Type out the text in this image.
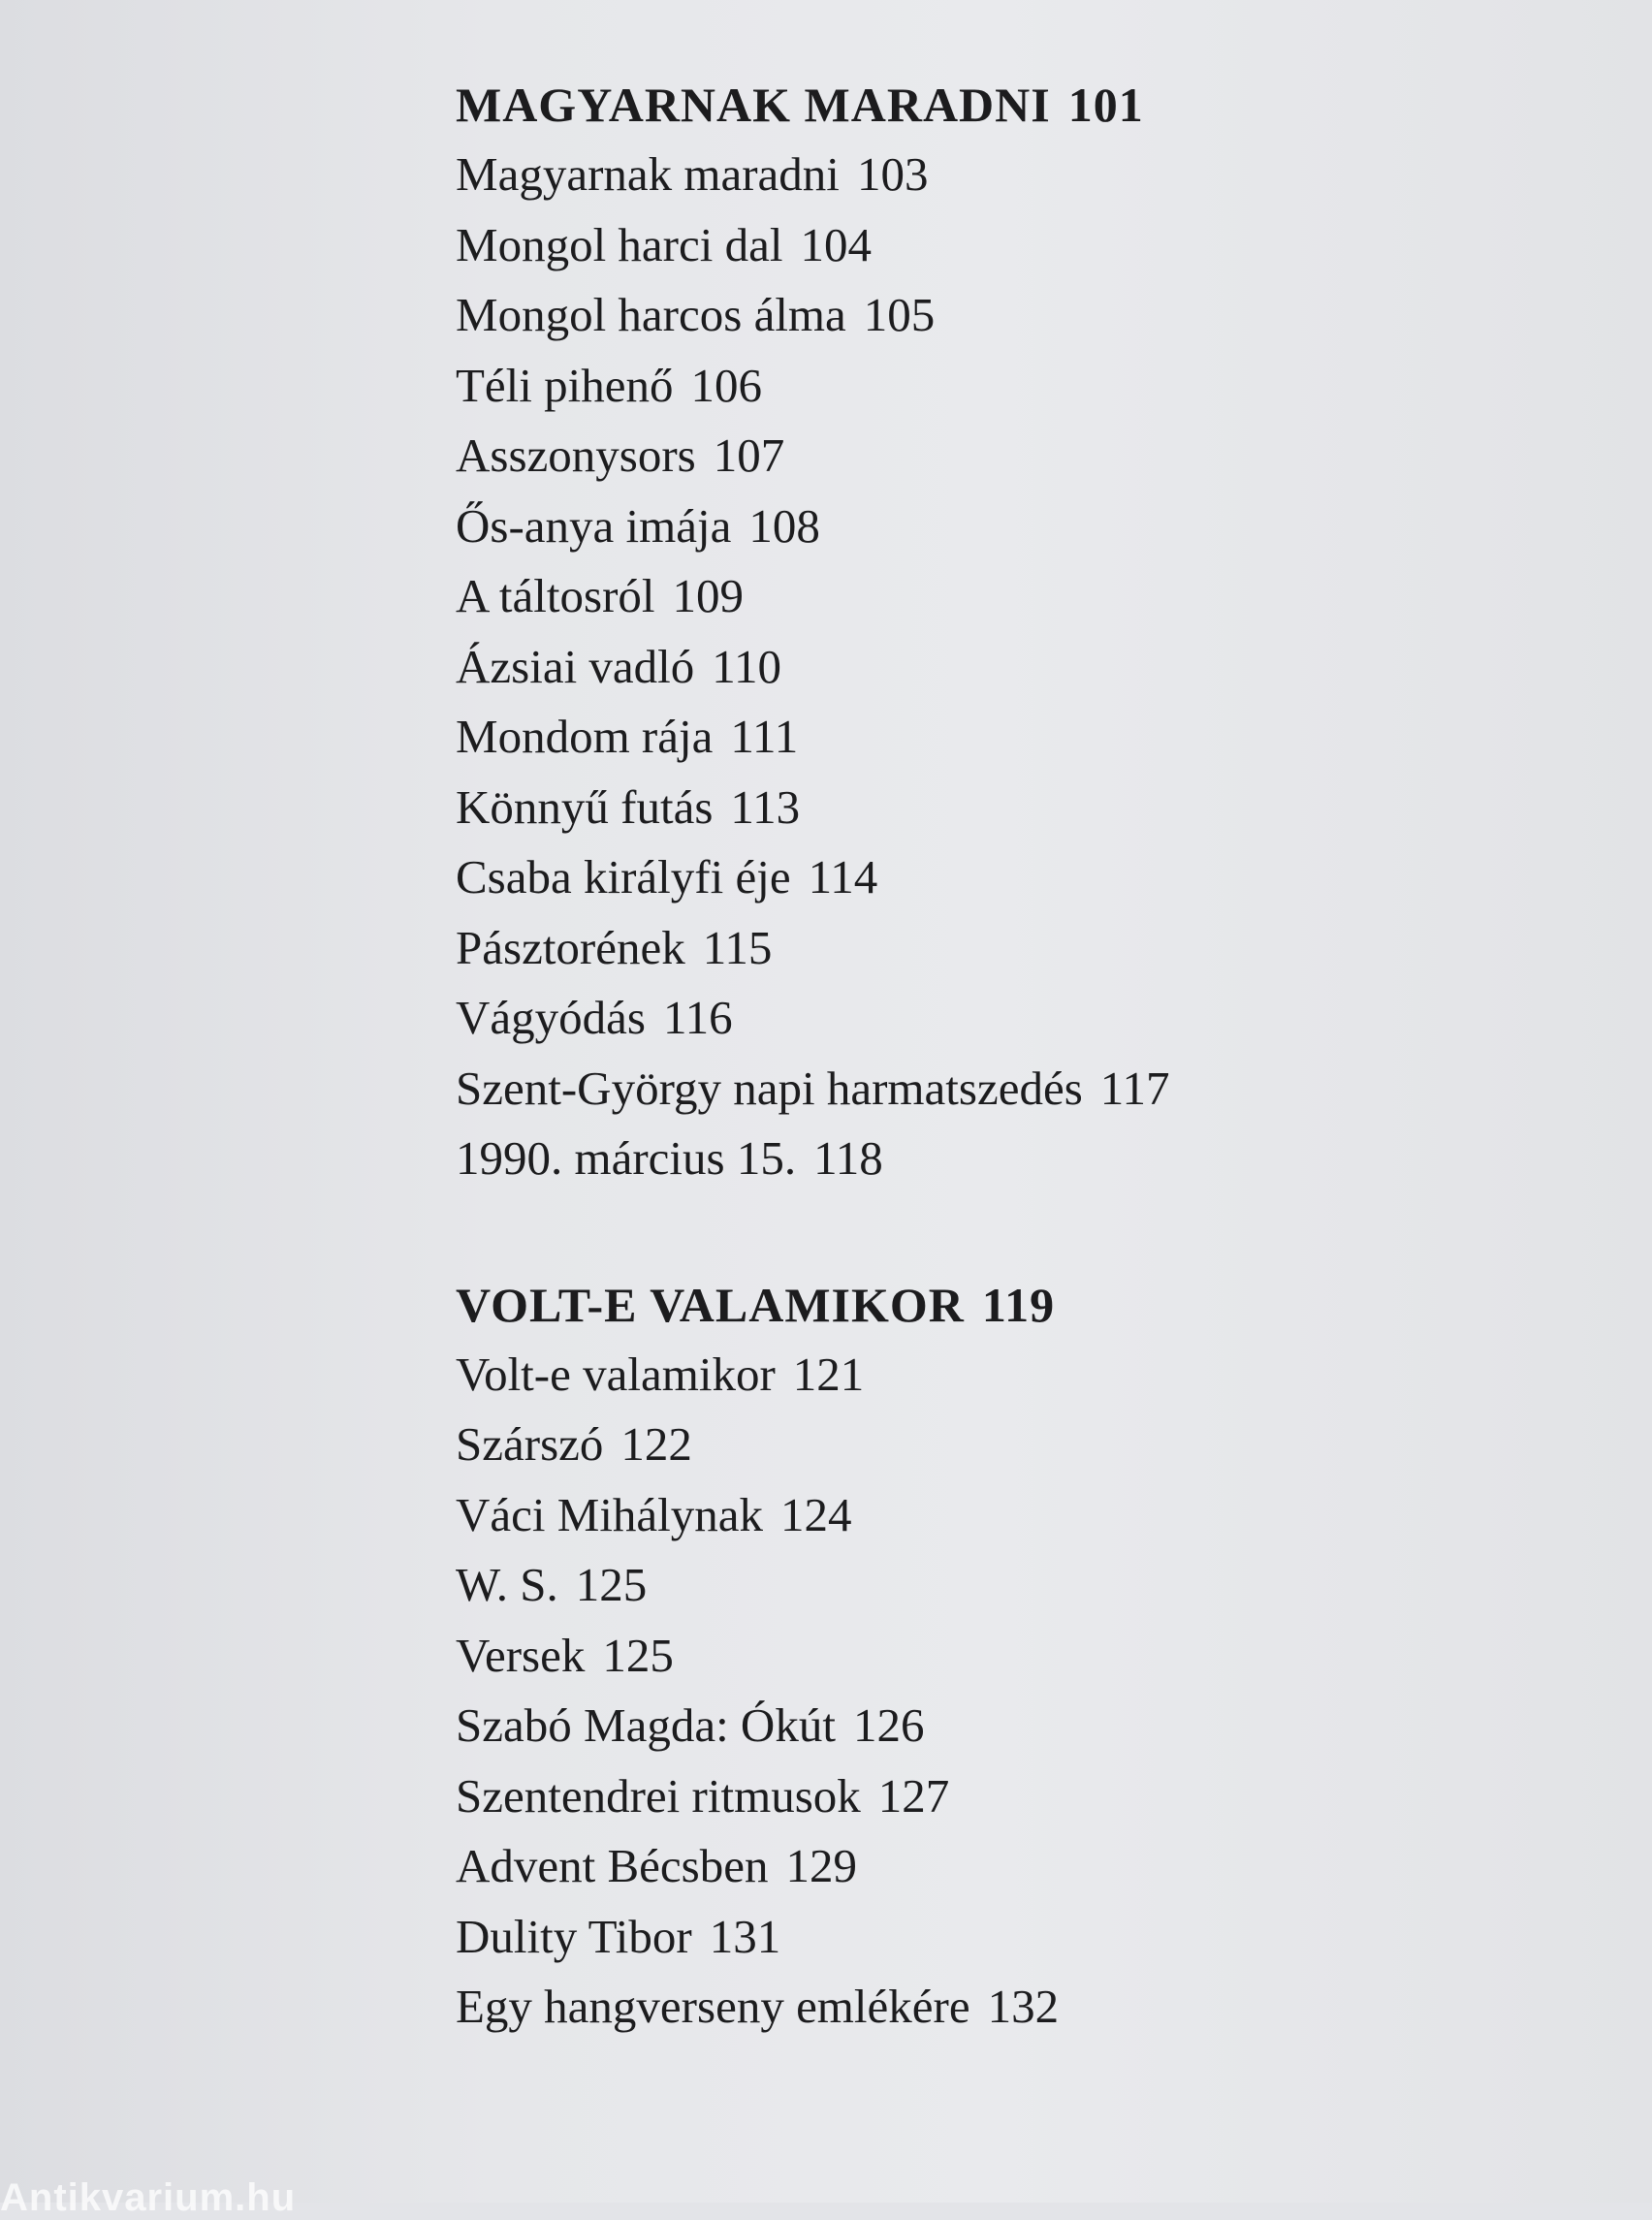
MAGYARNAK MARADNI 101
Magyarnak maradni 103
Mongol harci dal 104
Mongol harcos álma 105
Téli pihenő 106
Asszonysors 107
Ős-anya imája 108
A táltosról 109
Ázsiai vadló 110
Mondom rája 111
Könnyű futás 113
Csaba királyfi éje 114
Pásztorének 115
Vágyódás 116
Szent-György napi harmatszedés 117
1990. március 15. 118
VOLT-E VALAMIKOR 119
Volt-e valamikor 121
Szárszó 122
Váci Mihálynak 124
W. S. 125
Versek 125
Szabó Magda: Ókút 126
Szentendrei ritmusok 127
Advent Bécsben 129
Dulity Tibor 131
Egy hangverseny emlékére 132
Antikvarium.hu
